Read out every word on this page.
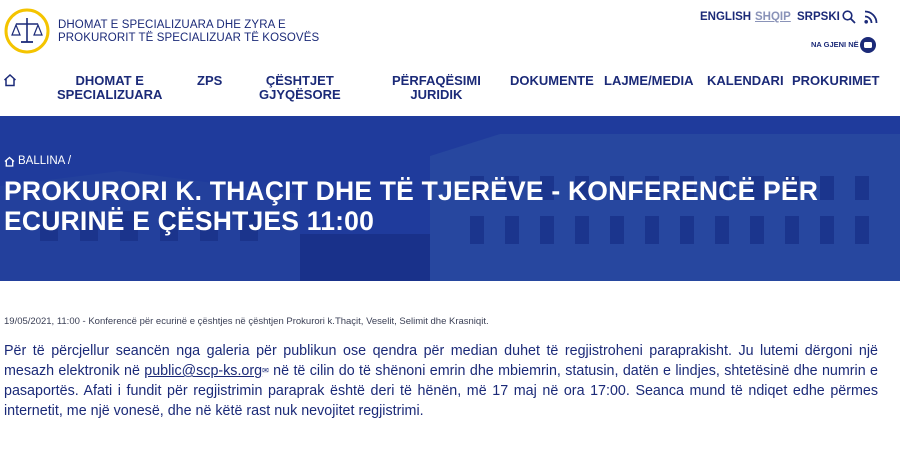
DHOMAT E SPECIALIZUARA DHE ZYRA E
PROKURORIT TË SPECIALIZUAR TË KOSOVËS
ENGLISH SHQIP SRPSKI
NA GJENI NË
DHOMAT E
SPECIALIZUARA
ZPS	ÇËSHTJET
GJYQËSORE
PËRFAQËSIMI
JURIDIK
DOKUMENTE LAJME/MEDIA KALENDARI PROKURIMET
BALLINA /
PROKURORI K. THAÇIT DHE TË TJERËVE - KONFERENCË PËR ECURINË E ÇËSHTJES 11:00
19/05/2021, 11:00 - Konferencë për ecurinë e çështjes në çështjen Prokurori k.Thaçit, Veselit, Selimit dhe Krasniqit.

Për të përcjellur seancën nga galeria për publikun ose qendra për median duhet të regjistroheni paraprakisht. Ju lutemi dërgoni një mesazh elektronik në public@scp-ks.org✉ në të cilin do të shënoni emrin dhe mbiemrin, statusin, datën e lindjes, shtetësinë dhe numrin e pasaportës. Afati i fundit për regjistrimin paraprak është deri të hënën, më 17 maj në ora 17:00. Seanca mund të ndiqet edhe përmes internetit, me një vonesë, dhe në këtë rast nuk nevojitet regjistrimi.
